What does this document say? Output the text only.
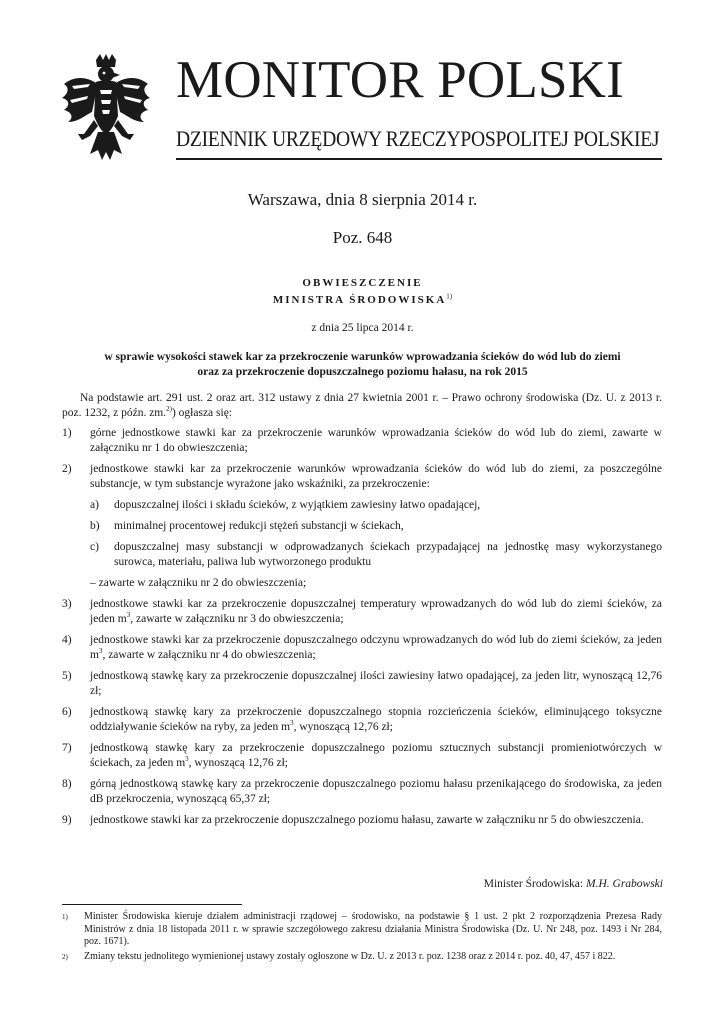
MONITOR POLSKI
DZIENNIK URZĘDOWY RZECZYPOSPOLITEJ POLSKIEJ
Warszawa, dnia 8 sierpnia 2014 r.
Poz. 648
OBWIESZCZENIE
MINISTRA ŚRODOWISKA$^{1)}$
z dnia 25 lipca 2014 r.
w sprawie wysokości stawek kar za przekroczenie warunków wprowadzania ścieków do wód lub do ziemi
oraz za przekroczenie dopuszczalnego poziomu hałasu, na rok 2015

Na podstawie art. 291 ust. 2 oraz art. 312 ustawy z dnia 27 kwietnia 2001 r. – Prawo ochrony środowiska (Dz. U. z 2013 r. poz. 1232, z późn. zm.$^{2)}$) ogłasza się:

1) górne jednostkowe stawki kar za przekroczenie warunków wprowadzania ścieków do wód lub do ziemi, zawarte w załączniku nr 1 do obwieszczenia;
2) jednostkowe stawki kar za przekroczenie warunków wprowadzania ścieków do wód lub do ziemi, za poszczególne substancje, w tym substancje wyrażone jako wskaźniki, za przekroczenie:
a) dopuszczalnej ilości i składu ścieków, z wyjątkiem zawiesiny łatwo opadającej,
b) minimalnej procentowej redukcji stężeń substancji w ściekach,
c) dopuszczalnej masy substancji w odprowadzanych ściekach przypadającej na jednostkę masy wykorzystanego surowca, materiału, paliwa lub wytworzonego produktu
– zawarte w załączniku nr 2 do obwieszczenia;
3) jednostkowe stawki kar za przekroczenie dopuszczalnej temperatury wprowadzanych do wód lub do ziemi ścieków, za jeden $m^3$, zawarte w załączniku nr 3 do obwieszczenia;
4) jednostkowe stawki kar za przekroczenie dopuszczalnego odczynu wprowadzanych do wód lub do ziemi ścieków, za jeden $m^3$, zawarte w załączniku nr 4 do obwieszczenia;
5) jednostkową stawkę kary za przekroczenie dopuszczalnej ilości zawiesiny łatwo opadającej, za jeden litr, wynoszącą 12,76 zł;
6) jednostkową stawkę kary za przekroczenie dopuszczalnego stopnia rozcieńczenia ścieków, eliminującego toksyczne oddziaływanie ścieków na ryby, za jeden $m^3$, wynoszącą 12,76 zł;
7) jednostkową stawkę kary za przekroczenie dopuszczalnego poziomu sztucznych substancji promieniotwórczych w ściekach, za jeden $m^3$, wynoszącą 12,76 zł;
8) górną jednostkową stawkę kary za przekroczenie dopuszczalnego poziomu hałasu przenikającego do środowiska, za jeden dB przekroczenia, wynoszącą 65,37 zł;
9) jednostkowe stawki kar za przekroczenie dopuszczalnego poziomu hałasu, zawarte w załączniku nr 5 do obwieszczenia.
Minister Środowiska: M.H. Grabowski
1) Minister Środowiska kieruje działem administracji rządowej – środowisko, na podstawie § 1 ust. 2 pkt 2 rozporządzenia Prezesa Rady Ministrów z dnia 18 listopada 2011 r. w sprawie szczegółowego zakresu działania Ministra Środowiska (Dz. U. Nr 248, poz. 1493 i Nr 284, poz. 1671).
2) Zmiany tekstu jednolitego wymienionej ustawy zostały ogłoszone w Dz. U. z 2013 r. poz. 1238 oraz z 2014 r. poz. 40, 47, 457 i 822.
